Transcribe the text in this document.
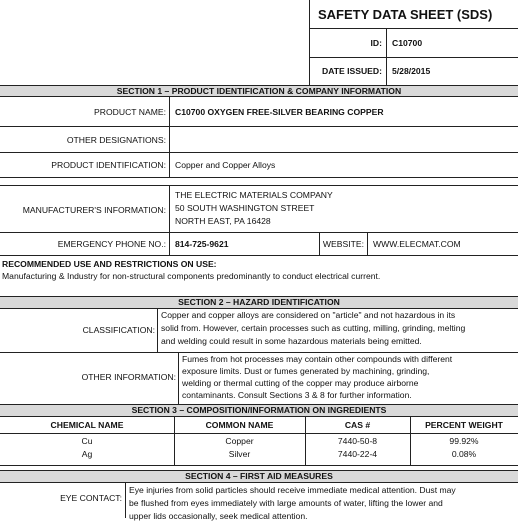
SAFETY DATA SHEET (SDS)
ID: C10700
DATE ISSUED: 5/28/2015
SECTION 1 – PRODUCT IDENTIFICATION & COMPANY INFORMATION
PRODUCT NAME:	C10700 OXYGEN FREE-SILVER BEARING COPPER
OTHER DESIGNATIONS:
PRODUCT IDENTIFICATION:	Copper and Copper Alloys
MANUFACTURER'S INFORMATION:
THE ELECTRIC MATERIALS COMPANY
50 SOUTH WASHINGTON STREET
NORTH EAST, PA 16428
EMERGENCY PHONE NO.:	814-725-9621	WEBSITE: WWW.ELECMAT.COM
RECOMMENDED USE AND RESTRICTIONS ON USE:
Manufacturing & Industry for non-structural components predominantly to conduct electrical current.
SECTION 2 – HAZARD IDENTIFICATION
CLASSIFICATION:
Copper and copper alloys are considered on "article" and not hazardous in its
solid from. However, certain processes such as cutting, milling, grinding, melting
and welding could result in some hazardous materials being emitted.
OTHER INFORMATION:
Fumes from hot processes may contain other compounds with different
exposure limits. Dust or fumes generated by machining, grinding,
welding or thermal cutting of the copper may produce airborne
contaminants. Consult Sections 3 & 8 for further information.
SECTION 3 – COMPOSITION/INFORMATION ON INGREDIENTS
CHEMICAL NAME	COMMON NAME	CAS #	PERCENT WEIGHT
Cu	Copper	7440-50-8	99.92%
Ag	Silver	7440-22-4	0.08%
SECTION 4 – FIRST AID MEASURES
EYE CONTACT:
Eye injuries from solid particles should receive immediate medical attention. Dust may
be flushed from eyes immediately with large amounts of water, lifting the lower and
upper lids occasionally, seek medical attention.
